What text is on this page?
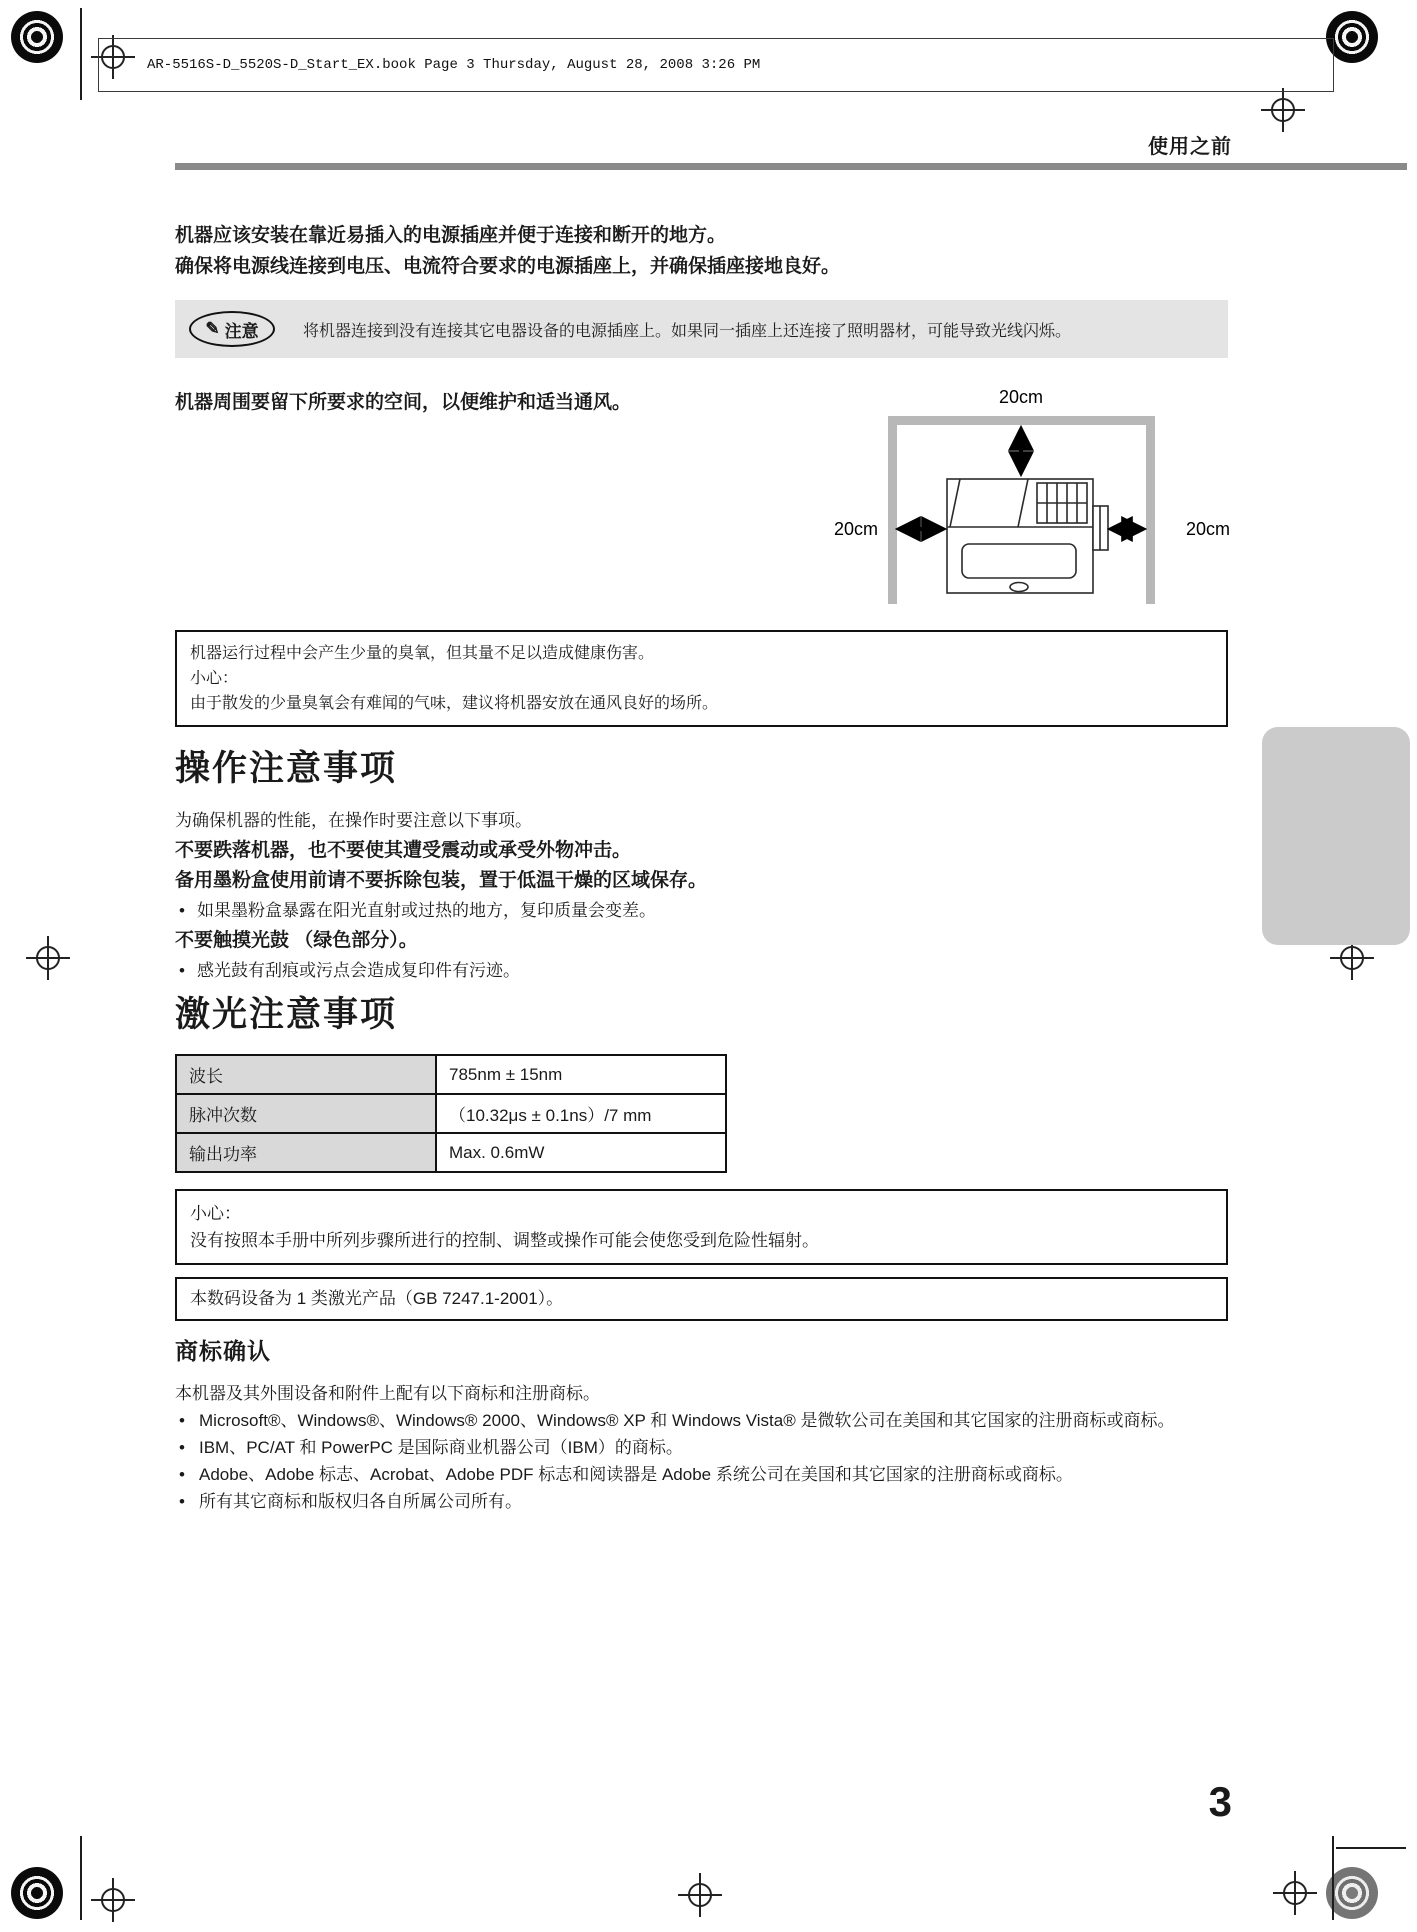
AR-5516S-D_5520S-D_Start_EX.book Page 3 Thursday, August 28, 2008 3:26 PM
使用之前

机器应该安装在靠近易插入的电源插座并便于连接和断开的地方。

确保将电源线连接到电压、电流符合要求的电源插座上，并确保插座接地良好。

✎ 注意	将机器连接到没有连接其它电器设备的电源插座上。如果同一插座上还连接了照明器材，可能导致光线闪烁。
机器周围要留下所要求的空间，以便维护和适当通风。	20cm
20cm	20cm

机器运行过程中会产生少量的臭氧，但其量不足以造成健康伤害。

小心：

由于散发的少量臭氧会有难闻的气味，建议将机器安放在通风良好的场所。

操作注意事项

为确保机器的性能，在操作时要注意以下事项。

不要跌落机器，也不要使其遭受震动或承受外物冲击。

备用墨粉盒使用前请不要拆除包装，置于低温干燥的区域保存。

• 如果墨粉盒暴露在阳光直射或过热的地方，复印质量会变差。

不要触摸光鼓 （绿色部分）。

• 感光鼓有刮痕或污点会造成复印件有污迹。

激光注意事项
波长	785nm ± 15nm
脉冲次数	（10.32μs ± 0.1ns）/7 mm
输出功率	Max. 0.6mW

小心：

没有按照本手册中所列步骤所进行的控制、调整或操作可能会使您受到危险性辐射。

本数码设备为 1 类激光产品（GB 7247.1-2001）。

商标确认

本机器及其外围设备和附件上配有以下商标和注册商标。

• Microsoft®、Windows®、Windows® 2000、Windows® XP 和 Windows Vista® 是微软公司在美国和其它国家的注册商标或商标。
• IBM、PC/AT 和 PowerPC 是国际商业机器公司（IBM）的商标。
• Adobe、Adobe 标志、Acrobat、Adobe PDF 标志和阅读器是 Adobe 系统公司在美国和其它国家的注册商标或商标。
• 所有其它商标和版权归各自所属公司所有。
3
